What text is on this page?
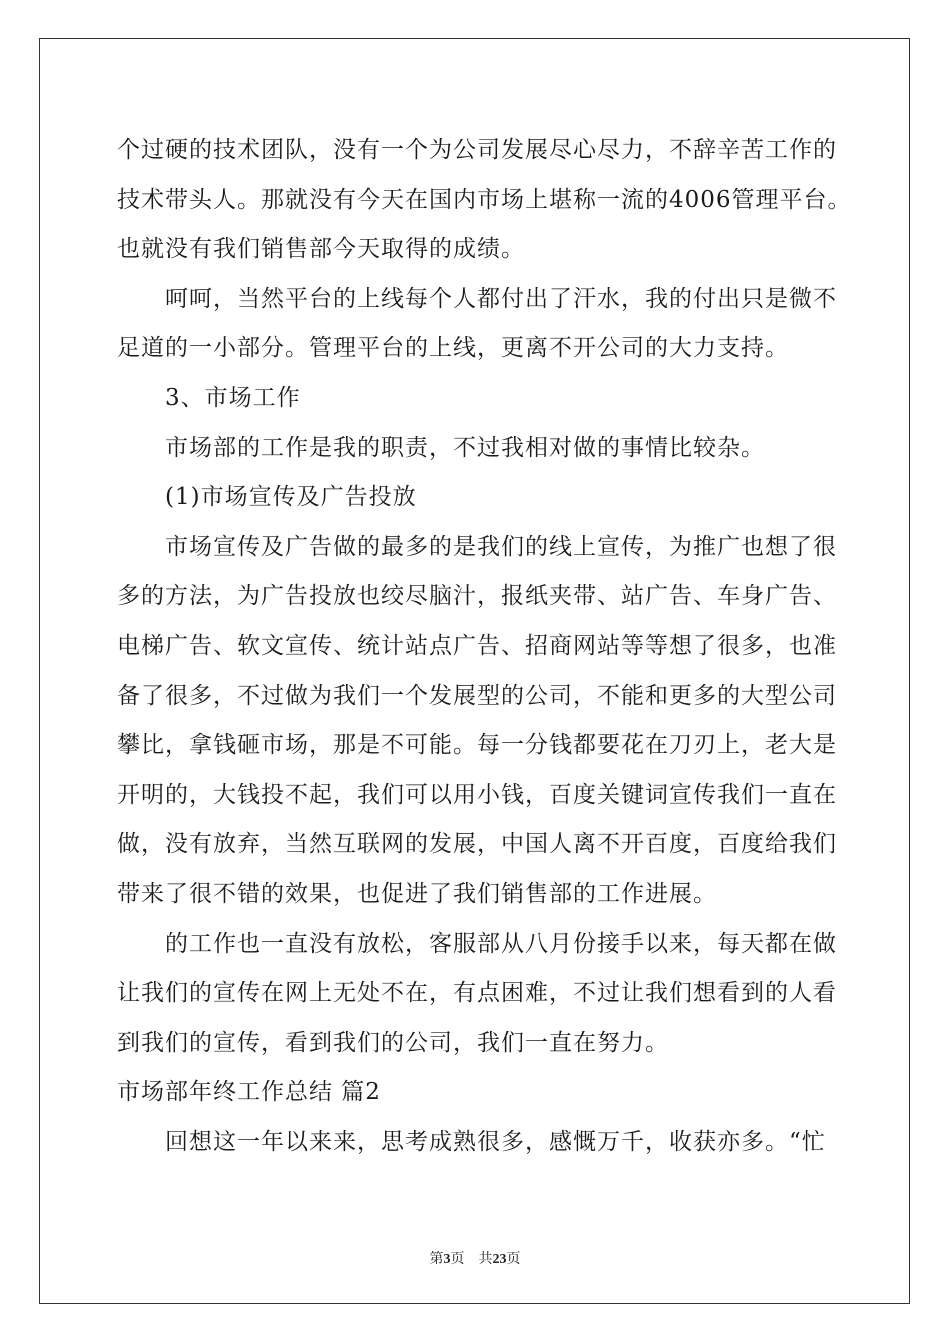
个过硬的技术团队，没有一个为公司发展尽心尽力，不辞辛苦工作的
技术带头人。那就没有今天在国内市场上堪称一流的4006管理平台。
也就没有我们销售部今天取得的成绩。
呵呵，当然平台的上线每个人都付出了汗水，我的付出只是微不
足道的一小部分。管理平台的上线，更离不开公司的大力支持。
3、市场工作
市场部的工作是我的职责，不过我相对做的事情比较杂。
(1)市场宣传及广告投放
市场宣传及广告做的最多的是我们的线上宣传，为推广也想了很
多的方法，为广告投放也绞尽脑汁，报纸夹带、站广告、车身广告、
电梯广告、软文宣传、统计站点广告、招商网站等等想了很多，也准
备了很多，不过做为我们一个发展型的公司，不能和更多的大型公司
攀比，拿钱砸市场，那是不可能。每一分钱都要花在刀刃上，老大是
开明的，大钱投不起，我们可以用小钱，百度关键词宣传我们一直在
做，没有放弃，当然互联网的发展，中国人离不开百度，百度给我们
带来了很不错的效果，也促进了我们销售部的工作进展。
的工作也一直没有放松，客服部从八月份接手以来，每天都在做
让我们的宣传在网上无处不在，有点困难，不过让我们想看到的人看
到我们的宣传，看到我们的公司，我们一直在努力。
市场部年终工作总结 篇2
回想这一年以来来，思考成熟很多，感慨万千，收获亦多。“忙
第3页　共23页
